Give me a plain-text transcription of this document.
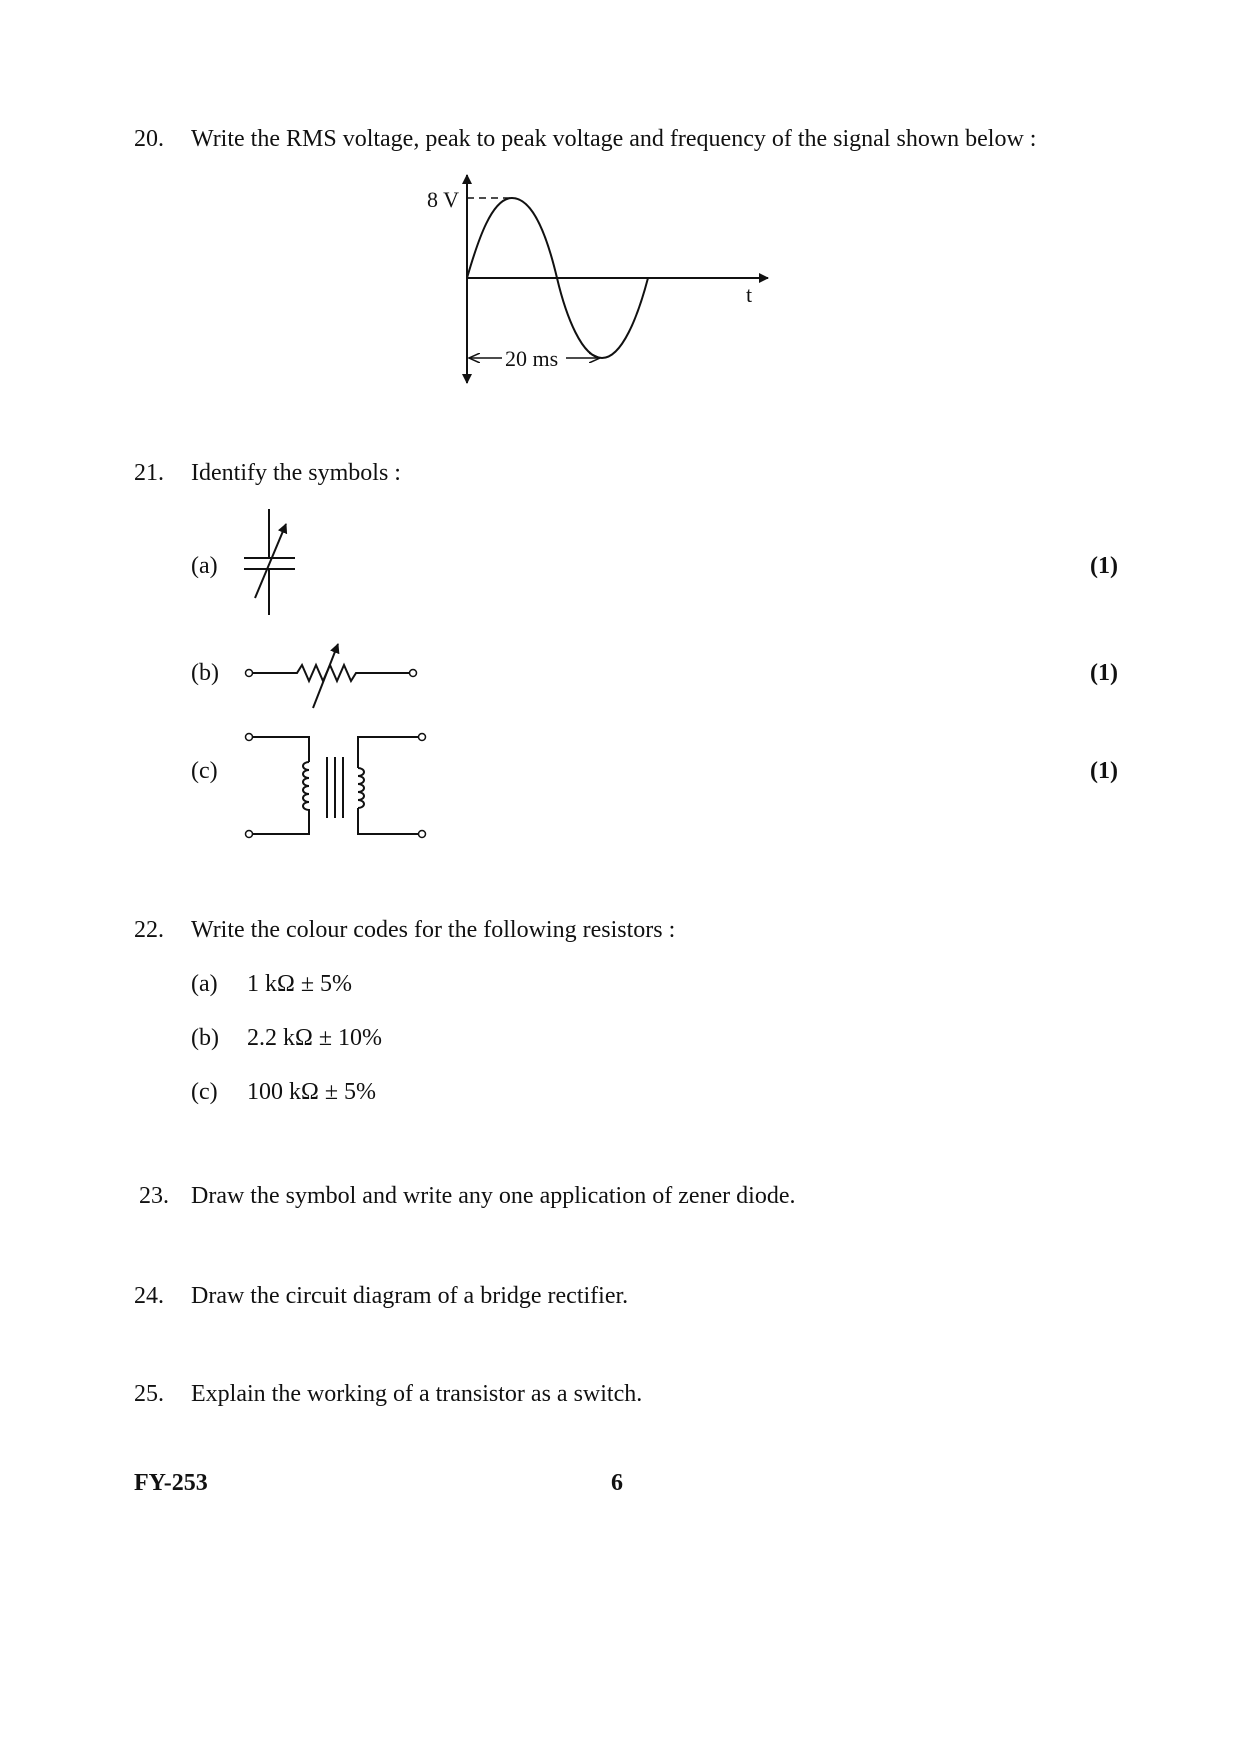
20. Write the RMS voltage, peak to peak voltage and frequency of the signal shown below :
8 V
t
20 ms
21. Identify the symbols :
(a)	(1)
(b)	(1)
(c)	(1)
22. Write the colour codes for the following resistors :
(a) 1 kΩ ± 5%
(b) 2.2 kΩ ± 10%
(c) 100 kΩ ± 5%
23. Draw the symbol and write any one application of zener diode.
24. Draw the circuit diagram of a bridge rectifier.
25. Explain the working of a transistor as a switch.
FY-253	6
